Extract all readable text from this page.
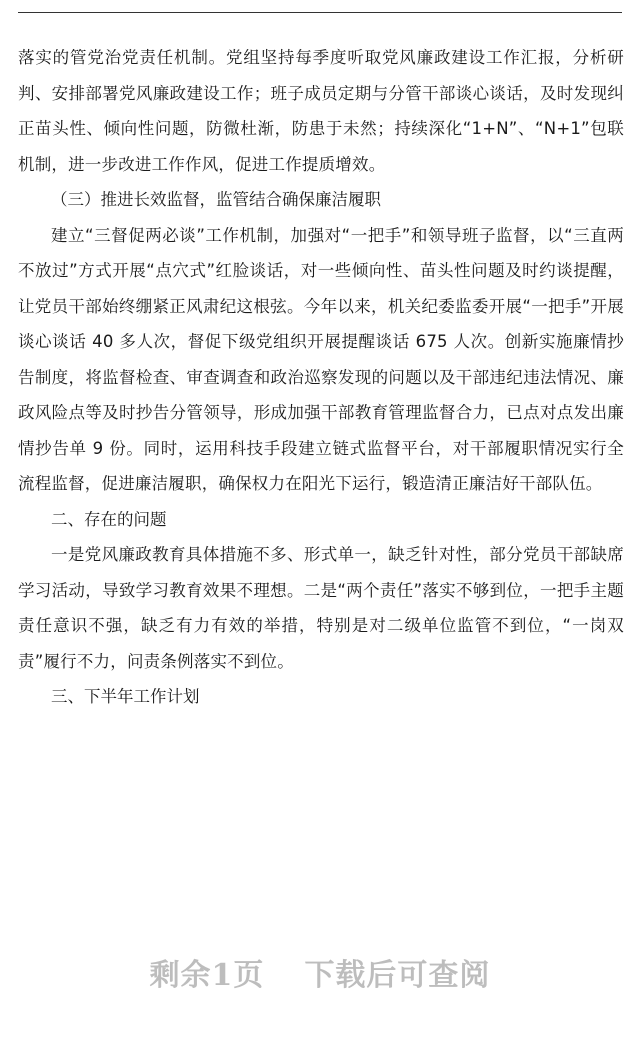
落实的管党治党责任机制。党组坚持每季度听取党风廉政建设工作汇报，分析研判、安排部署党风廉政建设工作；班子成员定期与分管干部谈心谈话，及时发现纠正苗头性、倾向性问题，防微杜渐，防患于未然；持续深化“1+N”、“N+1”包联机制，进一步改进工作作风，促进工作提质增效。

（三）推进长效监督，监管结合确保廉洁履职

建立“三督促两必谈”工作机制，加强对“一把手”和领导班子监督，以“三直两不放过”方式开展“点穴式”红脸谈话，对一些倾向性、苗头性问题及时约谈提醒，让党员干部始终绷紧正风肃纪这根弦。今年以来，机关纪委监委开展“一把手”开展谈心谈话 40 多人次，督促下级党组织开展提醒谈话 675 人次。创新实施廉情抄告制度，将监督检查、审查调查和政治巡察发现的问题以及干部违纪违法情况、廉政风险点等及时抄告分管领导，形成加强干部教育管理监督合力，已点对点发出廉情抄告单 9 份。同时，运用科技手段建立链式监督平台，对干部履职情况实行全流程监督，促进廉洁履职，确保权力在阳光下运行，锻造清正廉洁好干部队伍。

二、存在的问题

一是党风廉政教育具体措施不多、形式单一，缺乏针对性，部分党员干部缺席学习活动，导致学习教育效果不理想。二是“两个责任”落实不够到位，一把手主题责任意识不强，缺乏有力有效的举措，特别是对二级单位监管不到位，“一岗双责”履行不力，问责条例落实不到位。

三、下半年工作计划

剩余1页 下载后可查阅
